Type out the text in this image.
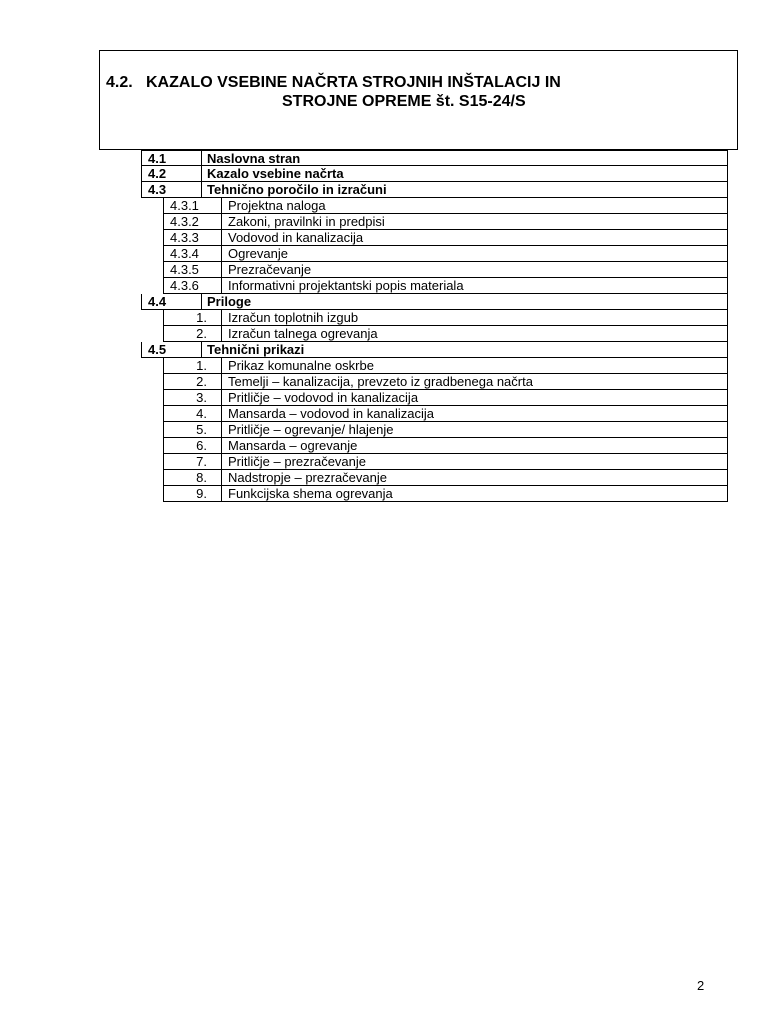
4.2. KAZALO VSEBINE NAČRTA STROJNIH INŠTALACIJ IN
STROJNE OPREME št. S15-24/S
4.1	Naslovna stran
4.2	Kazalo vsebine načrta
4.3	Tehnično poročilo in izračuni
4.3.1	Projektna naloga
4.3.2	Zakoni, pravilnki in predpisi
4.3.3	Vodovod in kanalizacija
4.3.4	Ogrevanje
4.3.5	Prezračevanje
4.3.6	Informativni projektantski popis materiala
4.4	Priloge
1.	Izračun toplotnih izgub
2.	Izračun talnega ogrevanja
4.5	Tehnični prikazi
1.	Prikaz komunalne oskrbe
2.	Temelji – kanalizacija, prevzeto iz gradbenega načrta
3.	Pritličje – vodovod in kanalizacija
4.	Mansarda – vodovod in kanalizacija
5.	Pritličje – ogrevanje/ hlajenje
6.	Mansarda – ogrevanje
7.	Pritličje – prezračevanje
8.	Nadstropje – prezračevanje
9.	Funkcijska shema ogrevanja
2
